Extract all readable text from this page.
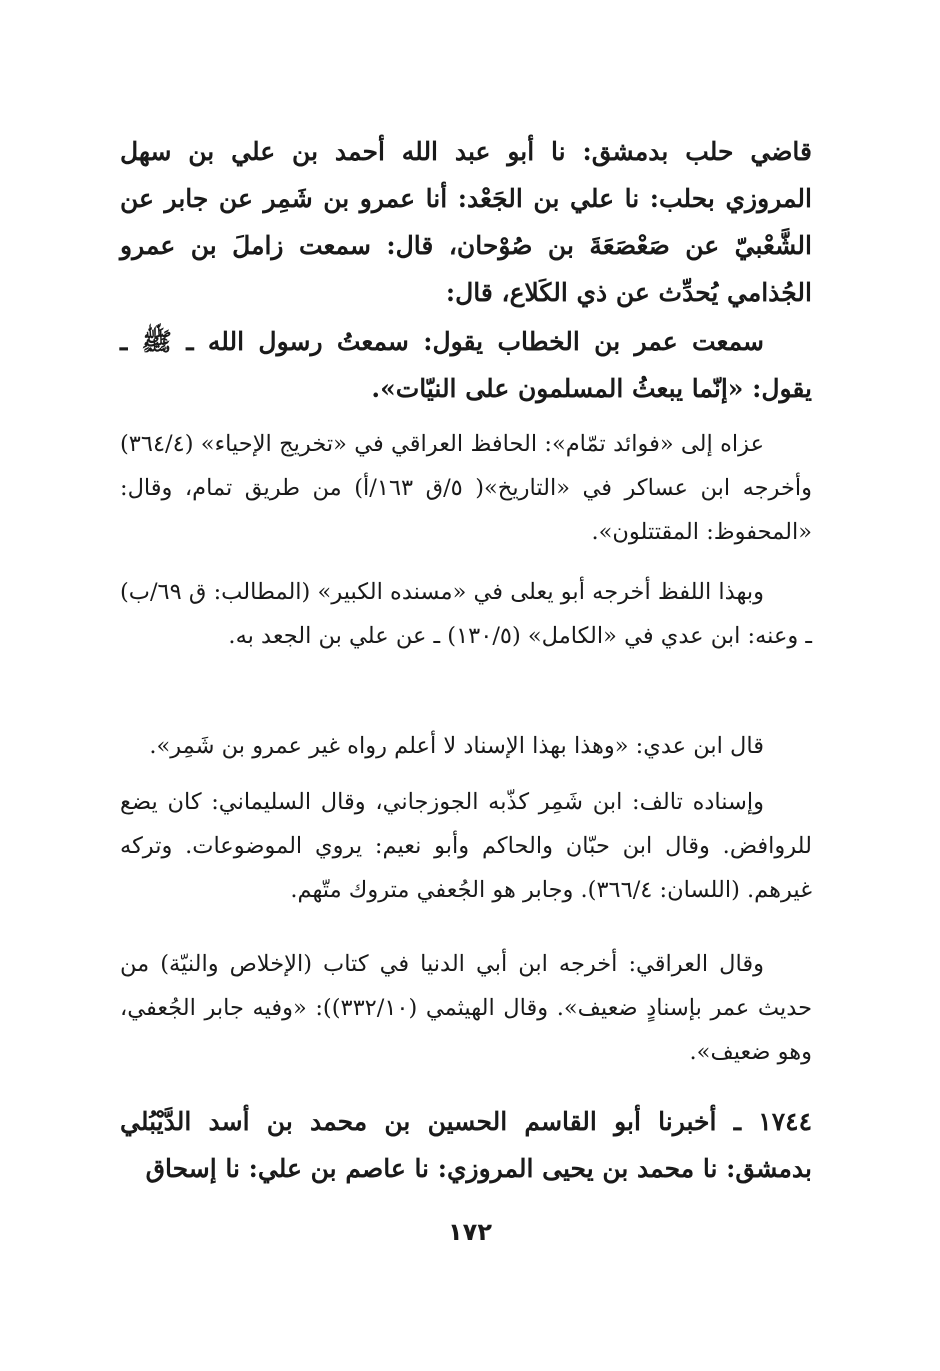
قاضي حلب بدمشق: نا أبو عبد الله أحمد بن علي بن سهل المروزي بحلب: نا علي بن الجَعْد: أنا عمرو بن شَمِر عن جابر عن الشَّعْبيّ عن صَعْصَعَةَ بن صُوْحان، قال: سمعت زاملَ بن عمرو الجُذامي يُحدِّث عن ذي الكَلاع، قال:

سمعت عمر بن الخطاب يقول: سمعتُ رسول الله ـ ﷺ ـ يقول: «إنّما يبعثُ المسلمون على النيّات».

عزاه إلى «فوائد تمّام»: الحافظ العراقي في «تخريج الإحياء» (٣٦٤/٤) وأخرجه ابن عساكر في «التاريخ»( ٥/ق ١٦٣/أ) من طريق تمام، وقال: «المحفوظ: المقتتلون».

وبهذا اللفظ أخرجه أبو يعلى في «مسنده الكبير» (المطالب: ق ٦٩/ب) ـ وعنه: ابن عدي في «الكامل» (١٣٠/٥) ـ عن علي بن الجعد به.

قال ابن عدي: «وهذا بهذا الإسناد لا أعلم رواه غير عمرو بن شَمِر».

وإسناده تالف: ابن شَمِر كذّبه الجوزجاني، وقال السليماني: كان يضع للروافض. وقال ابن حبّان والحاكم وأبو نعيم: يروي الموضوعات. وتركه غيرهم. (اللسان: ٣٦٦/٤). وجابر هو الجُعفي متروك متّهم.

وقال العراقي: أخرجه ابن أبي الدنيا في كتاب (الإخلاص والنيّة) من حديث عمر بإسنادٍ ضعيف». وقال الهيثمي (٣٣٢/١٠)): «وفيه جابر الجُعفي، وهو ضعيف».

١٧٤٤ ـ أخبرنا أبو القاسم الحسين بن محمد بن أسد الدَّيْبُلي بدمشق: نا محمد بن يحيى المروزي: نا عاصم بن علي: نا إسحاق

١٧٢
